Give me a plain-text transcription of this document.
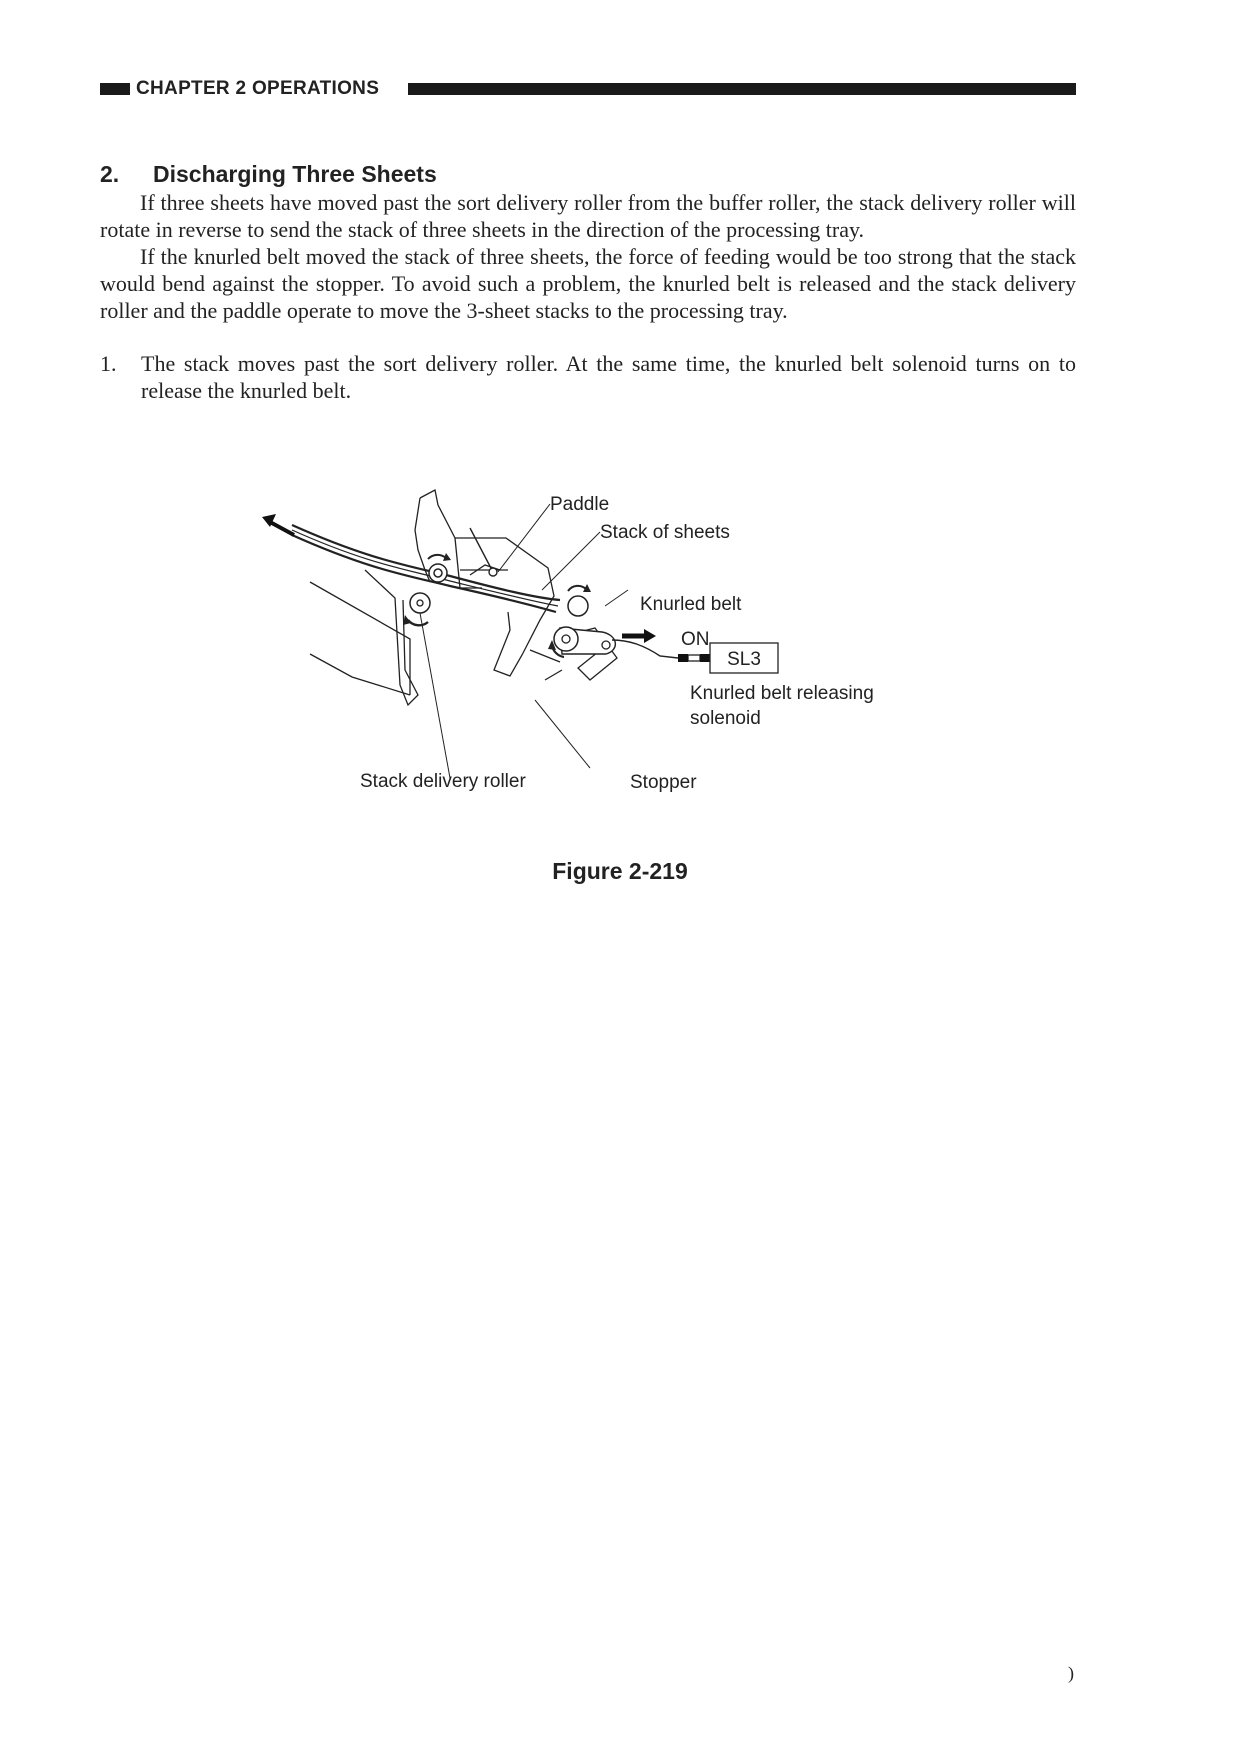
CHAPTER 2 OPERATIONS
2. Discharging Three Sheets
If three sheets have moved past the sort delivery roller from the buffer roller, the stack delivery roller will rotate in reverse to send the stack of three sheets in the direction of the processing tray.
If the knurled belt moved the stack of three sheets, the force of feeding would be too strong that the stack would bend against the stopper. To avoid such a problem, the knurled belt is released and the stack delivery roller and the paddle operate to move the 3-sheet stacks to the processing tray.
1. The stack moves past the sort delivery roller. At the same time, the knurled belt solenoid turns on to release the knurled belt.
Paddle
Stack of sheets
Knurled belt
ON
SL3
Knurled belt releasing
solenoid
Stack delivery roller	Stopper
Figure 2-219
)
